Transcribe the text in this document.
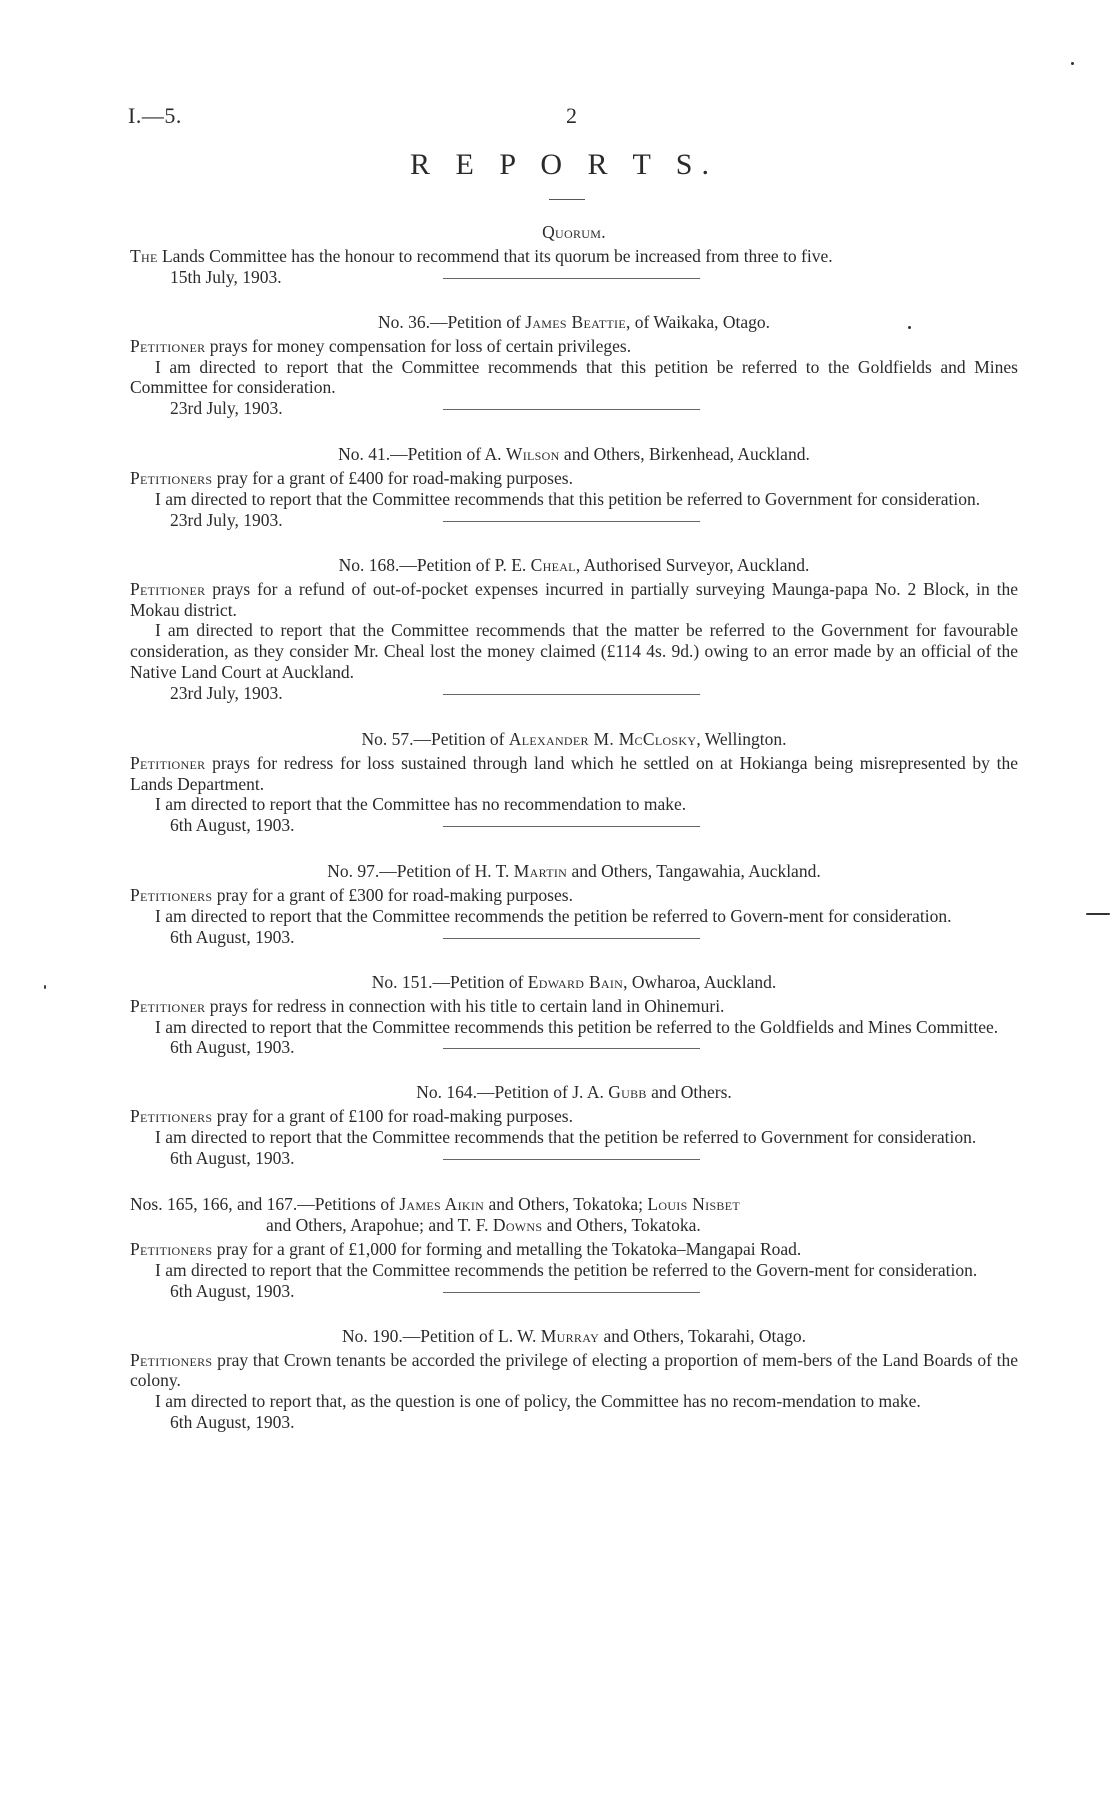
I.—5.	2
R E P O R T S.
Quorum.

The Lands Committee has the honour to recommend that its quorum be increased from three to five.

15th July, 1903.
No. 36.—Petition of James Beattie, of Waikaka, Otago.

Petitioner prays for money compensation for loss of certain privileges.

I am directed to report that the Committee recommends that this petition be referred to the Goldfields and Mines Committee for consideration.

23rd July, 1903.
No. 41.—Petition of A. Wilson and Others, Birkenhead, Auckland.

Petitioners pray for a grant of £400 for road-making purposes.

I am directed to report that the Committee recommends that this petition be referred to Government for consideration.

23rd July, 1903.
No. 168.—Petition of P. E. Cheal, Authorised Surveyor, Auckland.

Petitioner prays for a refund of out-of-pocket expenses incurred in partially surveying Maunga-papa No. 2 Block, in the Mokau district.

I am directed to report that the Committee recommends that the matter be referred to the Government for favourable consideration, as they consider Mr. Cheal lost the money claimed (£114 4s. 9d.) owing to an error made by an official of the Native Land Court at Auckland.

23rd July, 1903.
No. 57.—Petition of Alexander M. McClosky, Wellington.

Petitioner prays for redress for loss sustained through land which he settled on at Hokianga being misrepresented by the Lands Department.

I am directed to report that the Committee has no recommendation to make.

6th August, 1903.
No. 97.—Petition of H. T. Martin and Others, Tangawahia, Auckland.

Petitioners pray for a grant of £300 for road-making purposes.

I am directed to report that the Committee recommends the petition be referred to Govern-ment for consideration.

6th August, 1903.
No. 151.—Petition of Edward Bain, Owharoa, Auckland.

Petitioner prays for redress in connection with his title to certain land in Ohinemuri.

I am directed to report that the Committee recommends this petition be referred to the Goldfields and Mines Committee.

6th August, 1903.
No. 164.—Petition of J. A. Gubb and Others.

Petitioners pray for a grant of £100 for road-making purposes.

I am directed to report that the Committee recommends that the petition be referred to Government for consideration.

6th August, 1903.
Nos. 165, 166, and 167.—Petitions of James Aikin and Others, Tokatoka; Louis Nisbet
and Others, Arapohue; and T. F. Downs and Others, Tokatoka.

Petitioners pray for a grant of £1,000 for forming and metalling the Tokatoka–Mangapai Road.

I am directed to report that the Committee recommends the petition be referred to the Govern-ment for consideration.

6th August, 1903.
No. 190.—Petition of L. W. Murray and Others, Tokarahi, Otago.

Petitioners pray that Crown tenants be accorded the privilege of electing a proportion of mem-bers of the Land Boards of the colony.

I am directed to report that, as the question is one of policy, the Committee has no recom-mendation to make.

6th August, 1903.
